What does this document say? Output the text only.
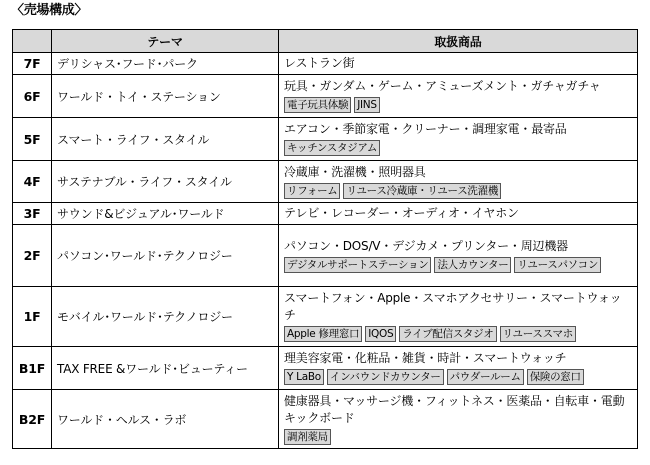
〈売場構成〉
	テーマ	取扱商品
7F	デリシャス･フード･パーク	レストラン街

6F	ワールド・トイ・ステーション	玩具・ガンダム・ゲーム・アミューズメント・ガチャガチャ
電子玩具体験 JINS

5F	スマート・ライフ・スタイル	エアコン・季節家電・クリーナー・調理家電・最寄品
キッチンスタジアム

4F	サステナブル・ライフ・スタイル	冷蔵庫・洗濯機・照明器具
リフォーム リユース冷蔵庫・リユース洗濯機

3F	サウンド&ビジュアル･ワールド	テレビ・レコーダー・オーディオ・イヤホン

2F	パソコン･ワールド･テクノロジー	パソコン・DOS/V・デジカメ・プリンター・周辺機器
デジタルサポートステーション 法人カウンター リユースパソコン

1F	モバイル･ワールド･テクノロジー	スマートフォン・Apple・スマホアクセサリー・スマートウォッチ
Apple 修理窓口 IQOS ライブ配信スタジオ リユーススマホ

B1F	TAX FREE &ワールド･ビューティー	理美容家電・化粧品・雑貨・時計・スマートウォッチ
Y LaBo インバウンドカウンター パウダールーム 保険の窓口

B2F	ワールド・ヘルス・ラボ	健康器具・マッサージ機・フィットネス・医薬品・自転車・電動キックボード
調剤薬局
